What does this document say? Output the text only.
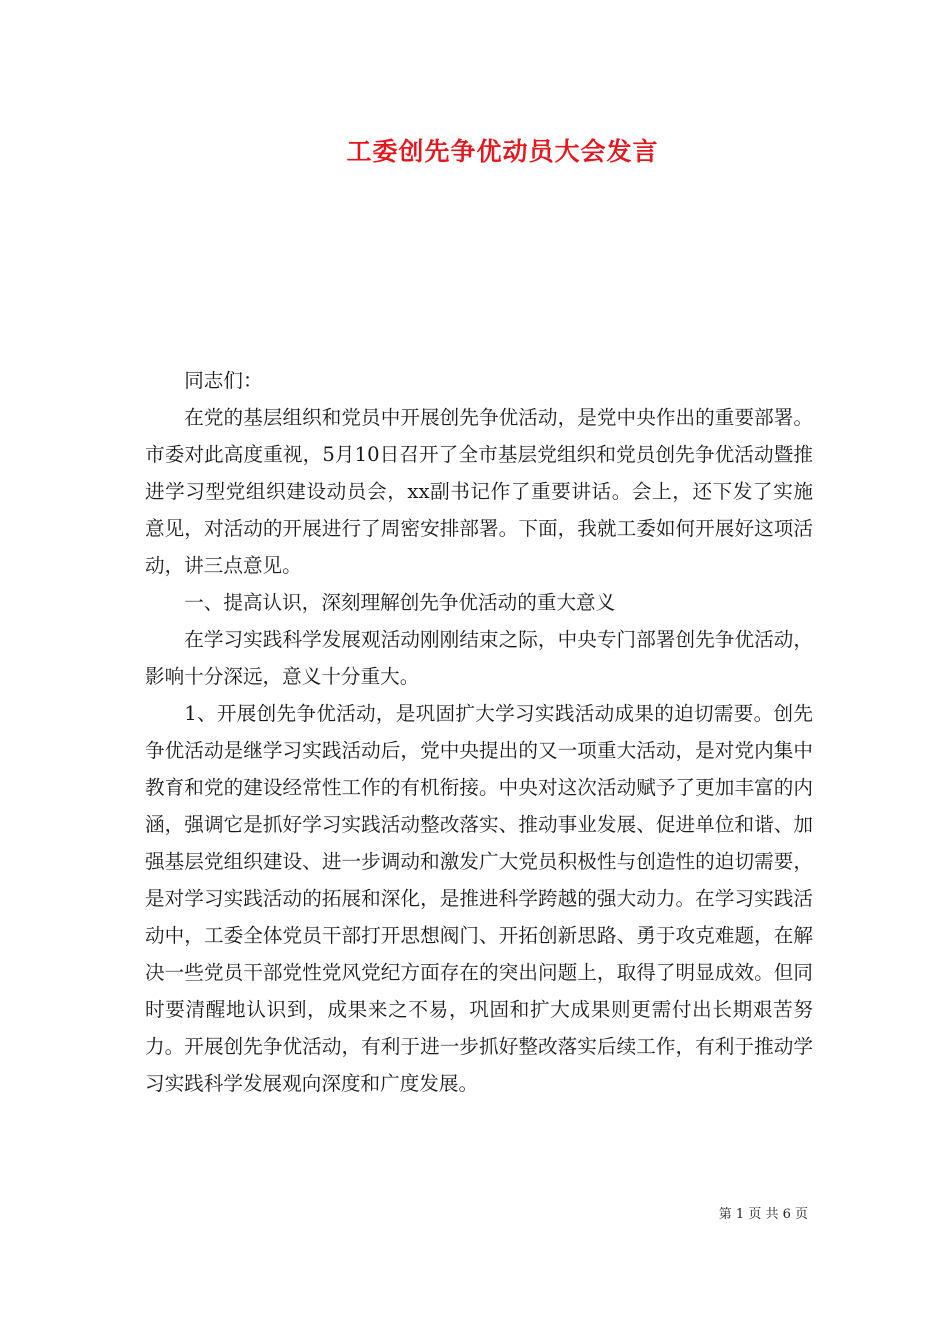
工委创先争优动员大会发言

同志们：

在党的基层组织和党员中开展创先争优活动，是党中央作出的重要部署。市委对此高度重视，5月10日召开了全市基层党组织和党员创先争优活动暨推进学习型党组织建设动员会，xx副书记作了重要讲话。会上，还下发了实施意见，对活动的开展进行了周密安排部署。下面，我就工委如何开展好这项活动，讲三点意见。

一、提高认识，深刻理解创先争优活动的重大意义

在学习实践科学发展观活动刚刚结束之际，中央专门部署创先争优活动，影响十分深远，意义十分重大。

1、开展创先争优活动，是巩固扩大学习实践活动成果的迫切需要。创先争优活动是继学习实践活动后，党中央提出的又一项重大活动，是对党内集中教育和党的建设经常性工作的有机衔接。中央对这次活动赋予了更加丰富的内涵，强调它是抓好学习实践活动整改落实、推动事业发展、促进单位和谐、加强基层党组织建设、进一步调动和激发广大党员积极性与创造性的迫切需要，是对学习实践活动的拓展和深化，是推进科学跨越的强大动力。在学习实践活动中，工委全体党员干部打开思想阀门、开拓创新思路、勇于攻克难题，在解决一些党员干部党性党风党纪方面存在的突出问题上，取得了明显成效。但同时要清醒地认识到，成果来之不易，巩固和扩大成果则更需付出长期艰苦努力。开展创先争优活动，有利于进一步抓好整改落实后续工作，有利于推动学习实践科学发展观向深度和广度发展。

第 1 页 共 6 页
